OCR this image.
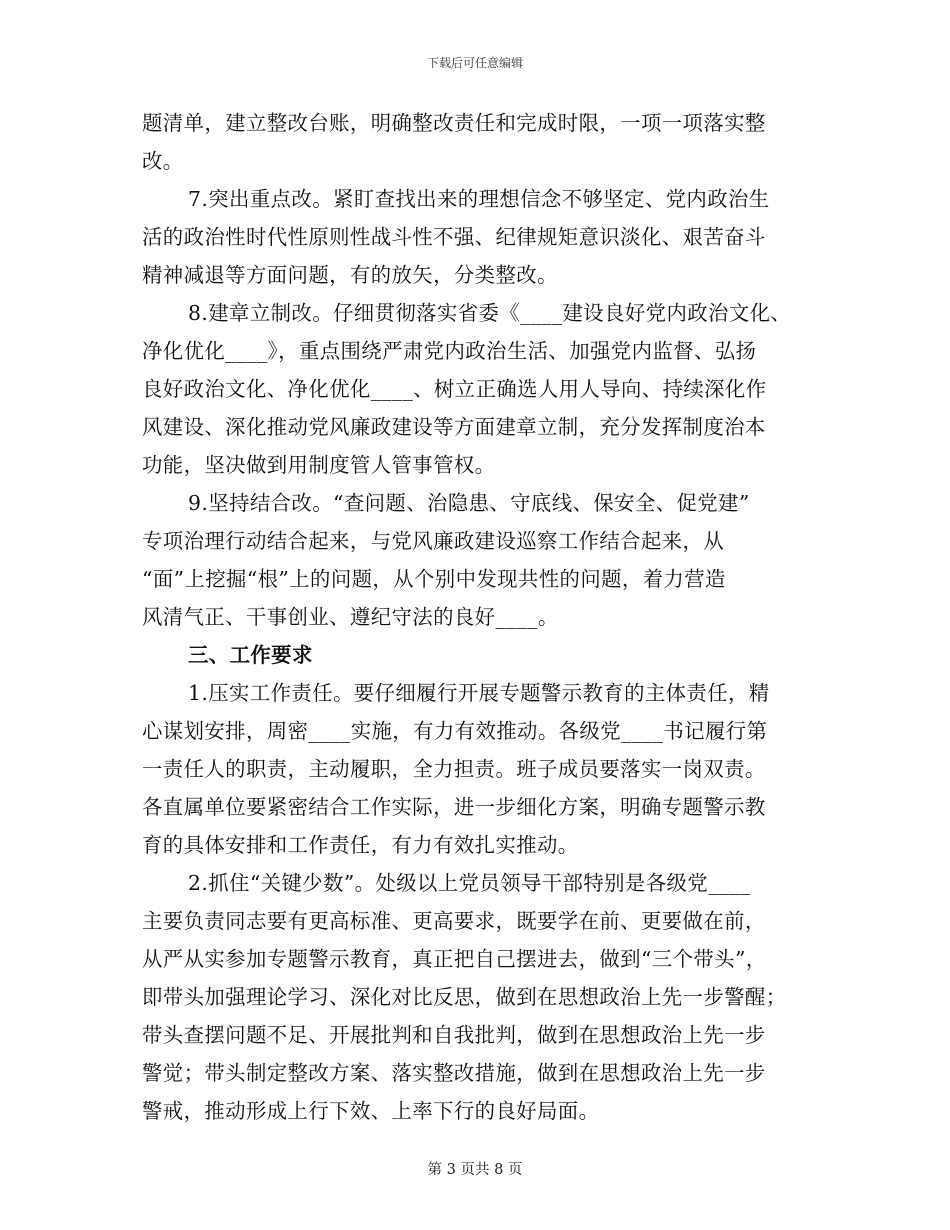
下载后可任意编辑
题清单，建立整改台账，明确整改责任和完成时限，一项一项落实整
改。
7.突出重点改。紧盯查找出来的理想信念不够坚定、党内政治生
活的政治性时代性原则性战斗性不强、纪律规矩意识淡化、艰苦奋斗
精神减退等方面问题，有的放矢，分类整改。
8.建章立制改。仔细贯彻落实省委《____建设良好党内政治文化、
净化优化____》，重点围绕严肃党内政治生活、加强党内监督、弘扬
良好政治文化、净化优化____、树立正确选人用人导向、持续深化作
风建设、深化推动党风廉政建设等方面建章立制，充分发挥制度治本
功能，坚决做到用制度管人管事管权。
9.坚持结合改。“查问题、治隐患、守底线、保安全、促党建”
专项治理行动结合起来，与党风廉政建设巡察工作结合起来，从
“面”上挖掘“根”上的问题，从个别中发现共性的问题，着力营造
风清气正、干事创业、遵纪守法的良好____。
三、工作要求
1.压实工作责任。要仔细履行开展专题警示教育的主体责任，精
心谋划安排，周密____实施，有力有效推动。各级党____书记履行第
一责任人的职责，主动履职，全力担责。班子成员要落实一岗双责。
各直属单位要紧密结合工作实际，进一步细化方案，明确专题警示教
育的具体安排和工作责任，有力有效扎实推动。
2.抓住“关键少数”。处级以上党员领导干部特别是各级党____
主要负责同志要有更高标准、更高要求，既要学在前、更要做在前，
从严从实参加专题警示教育，真正把自己摆进去，做到“三个带头”，
即带头加强理论学习、深化对比反思，做到在思想政治上先一步警醒；
带头查摆问题不足、开展批判和自我批判，做到在思想政治上先一步
警觉；带头制定整改方案、落实整改措施，做到在思想政治上先一步
警戒，推动形成上行下效、上率下行的良好局面。
第 3 页共 8 页
